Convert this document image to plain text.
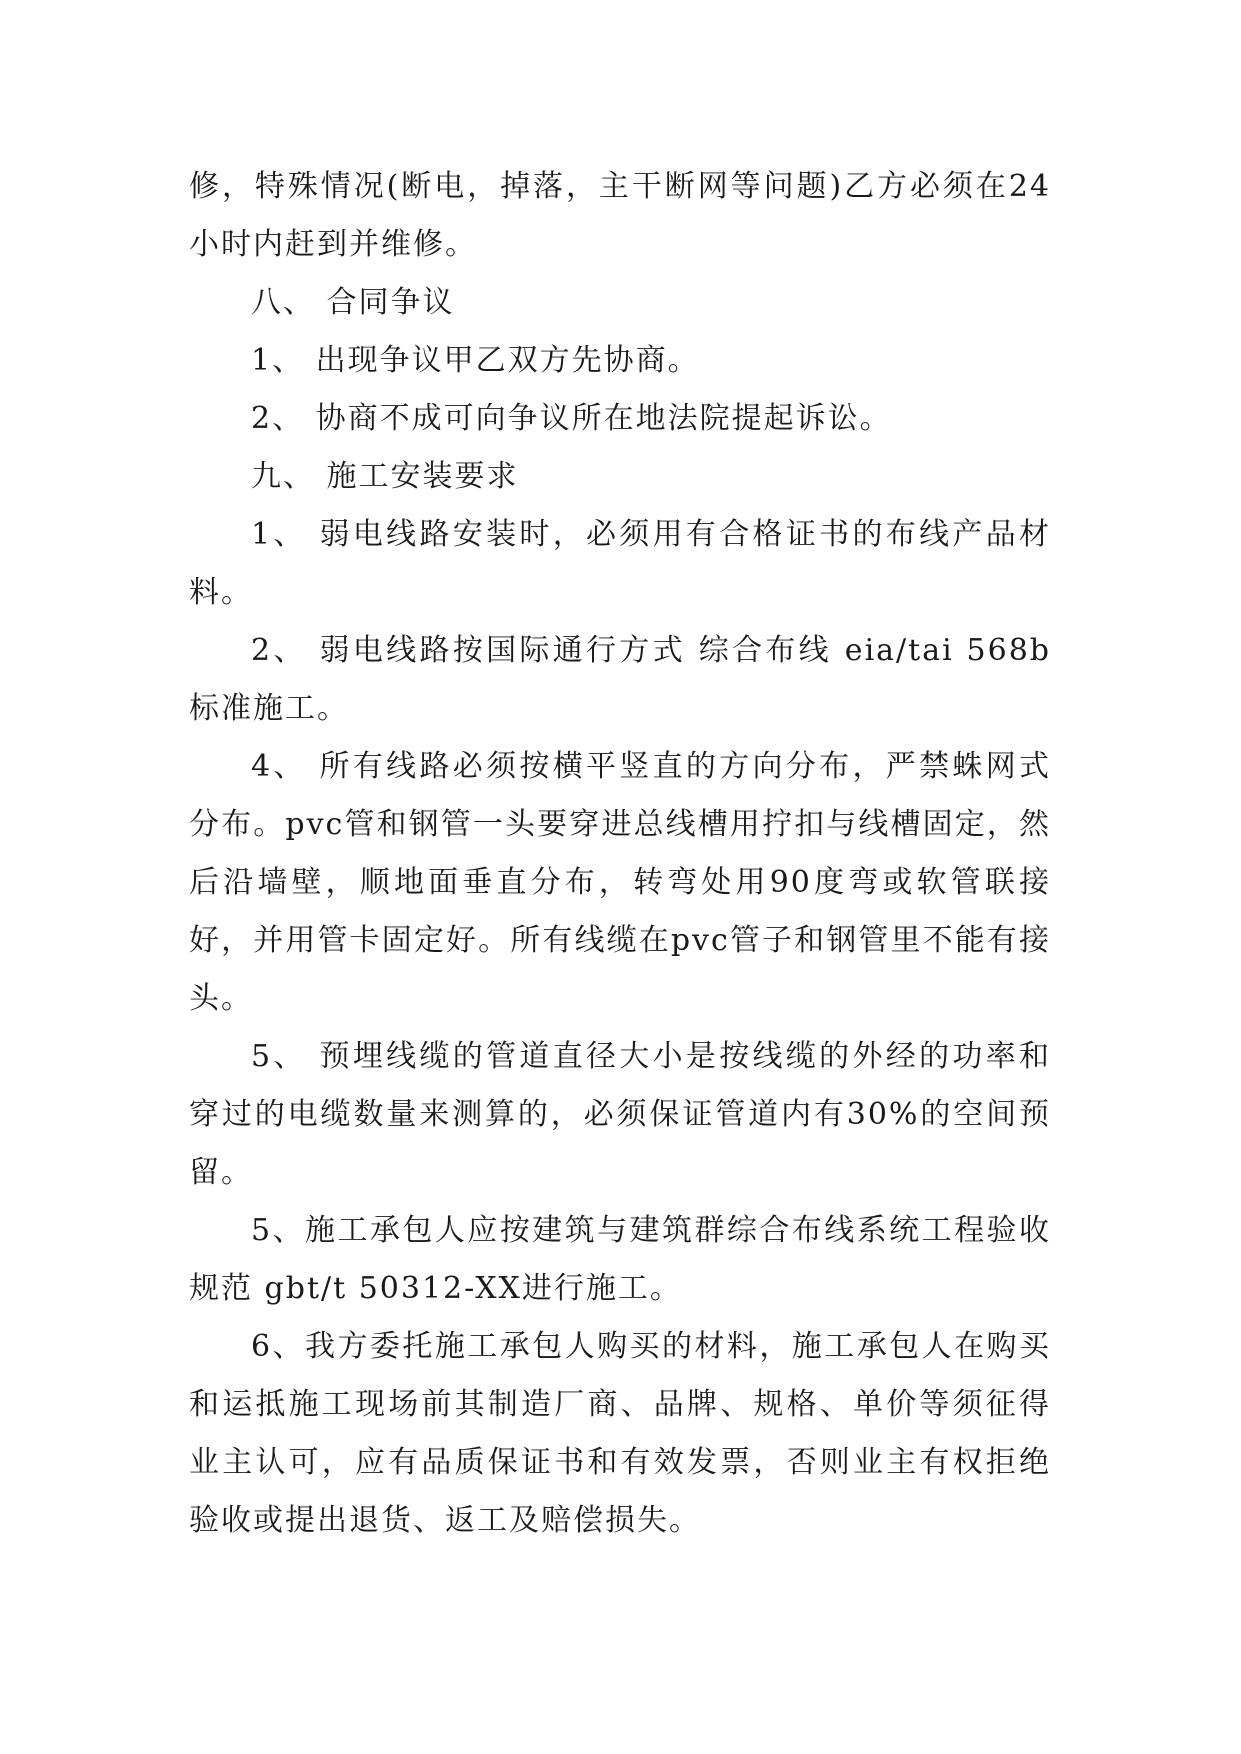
修，特殊情况(断电，掉落，主干断网等问题)乙方必须在24小时内赶到并维修。

八、 合同争议

1、 出现争议甲乙双方先协商。

2、 协商不成可向争议所在地法院提起诉讼。

九、 施工安装要求

1、 弱电线路安装时，必须用有合格证书的布线产品材料。

2、 弱电线路按国际通行方式 综合布线 eia/tai 568b标准施工。

4、 所有线路必须按横平竖直的方向分布，严禁蛛网式分布。pvc管和钢管一头要穿进总线槽用拧扣与线槽固定，然后沿墙壁，顺地面垂直分布，转弯处用90度弯或软管联接好，并用管卡固定好。所有线缆在pvc管子和钢管里不能有接头。

5、 预埋线缆的管道直径大小是按线缆的外经的功率和穿过的电缆数量来测算的，必须保证管道内有30%的空间预留。

5、施工承包人应按建筑与建筑群综合布线系统工程验收规范 gbt/t 50312-XX进行施工。

6、我方委托施工承包人购买的材料，施工承包人在购买和运抵施工现场前其制造厂商、品牌、规格、单价等须征得业主认可，应有品质保证书和有效发票，否则业主有权拒绝验收或提出退货、返工及赔偿损失。
